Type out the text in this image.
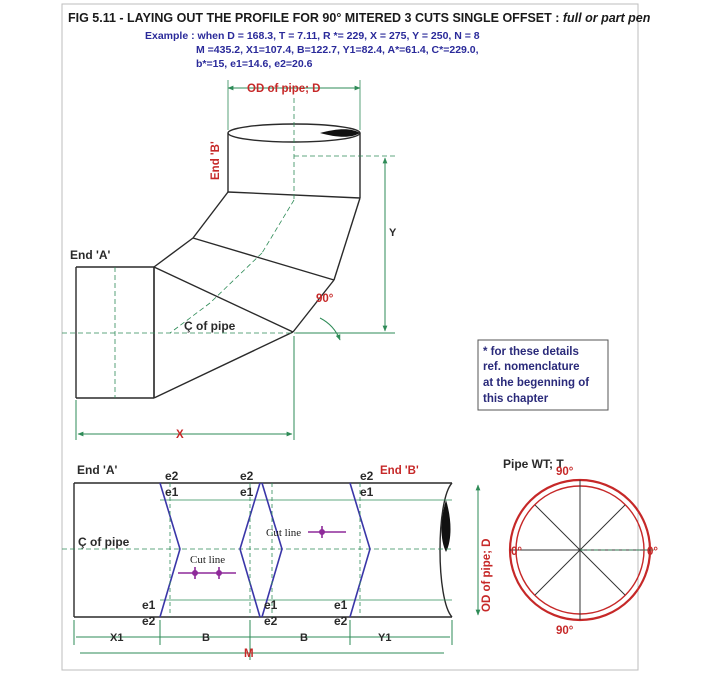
FIG 5.11 - LAYING OUT THE PROFILE FOR 90° MITERED 3 CUTS SINGLE OFFSET : full or part pen
Example : when D = 168.3, T = 7.11, R *= 229, X = 275, Y = 250, N = 8
M =435.2, X1=107.4, B=122.7, Y1=82.4, A*=61.4, C*=229.0,
b*=15, e1=14.6, e2=20.6
Y
90°
X
OD of pipe; D
End 'B'
End 'A'
Ç of pipe
* for these details
ref. nomenclature
at the begenning of
this chapter
End 'A'	End 'B'
Ç of pipe
e2
e1
e2
e1
e2
e1
e1
e2
e1
e2
e1
e2
Cut line
Cut line
X1	B	B	Y1
M
OD of pipe; D
Pipe WT; T
90°
0°	0°
90°
